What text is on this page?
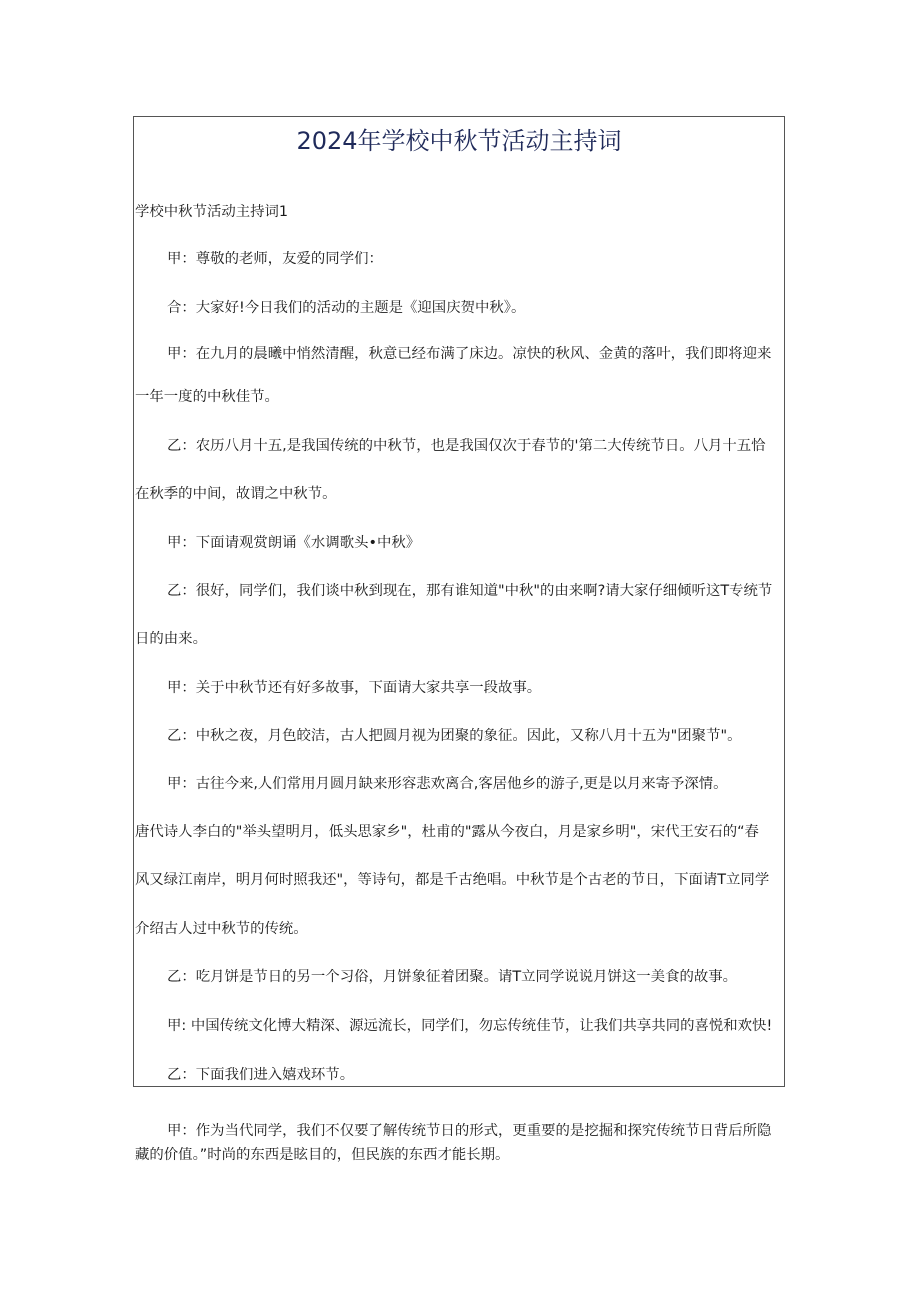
2024年学校中秋节活动主持词
学校中秋节活动主持词1
甲：尊敬的老师，友爱的同学们：
合：大家好!今日我们的活动的主题是《迎国庆贺中秋》。
甲：在九月的晨曦中悄然清醒，秋意已经布满了床边。凉快的秋风、金黄的落叶，我们即将迎来
一年一度的中秋佳节。
乙：农历八月十五,是我国传统的中秋节，也是我国仅次于春节的'第二大传统节日。八月十五恰
在秋季的中间，故谓之中秋节。
甲：下面请观赏朗诵《水调歌头•中秋》
乙：很好，同学们，我们谈中秋到现在，那有谁知道"中秋"的由来啊?请大家仔细倾听这T专统节
日的由来。
甲：关于中秋节还有好多故事，下面请大家共享一段故事。
乙：中秋之夜，月色皎洁，古人把圆月视为团聚的象征。因此，又称八月十五为"团聚节"。
甲：古往今来,人们常用月圆月缺来形容悲欢离合,客居他乡的游子,更是以月来寄予深情。
唐代诗人李白的"举头望明月，低头思家乡"，杜甫的"露从今夜白，月是家乡明"，宋代王安石的“春
风又绿江南岸，明月何时照我还"，等诗句，都是千古绝唱。中秋节是个古老的节日，下面请T立同学
介绍古人过中秋节的传统。
乙：吃月饼是节日的另一个习俗，月饼象征着团聚。请T立同学说说月饼这一美食的故事。
甲: 中国传统文化博大精深、源远流长，同学们，勿忘传统佳节，让我们共享共同的喜悦和欢快!
乙：下面我们进入嬉戏环节。
甲：作为当代同学，我们不仅要了解传统节日的形式，更重要的是挖掘和探究传统节日背后所隐
藏的价值。”时尚的东西是眩目的，但民族的东西才能长期。
